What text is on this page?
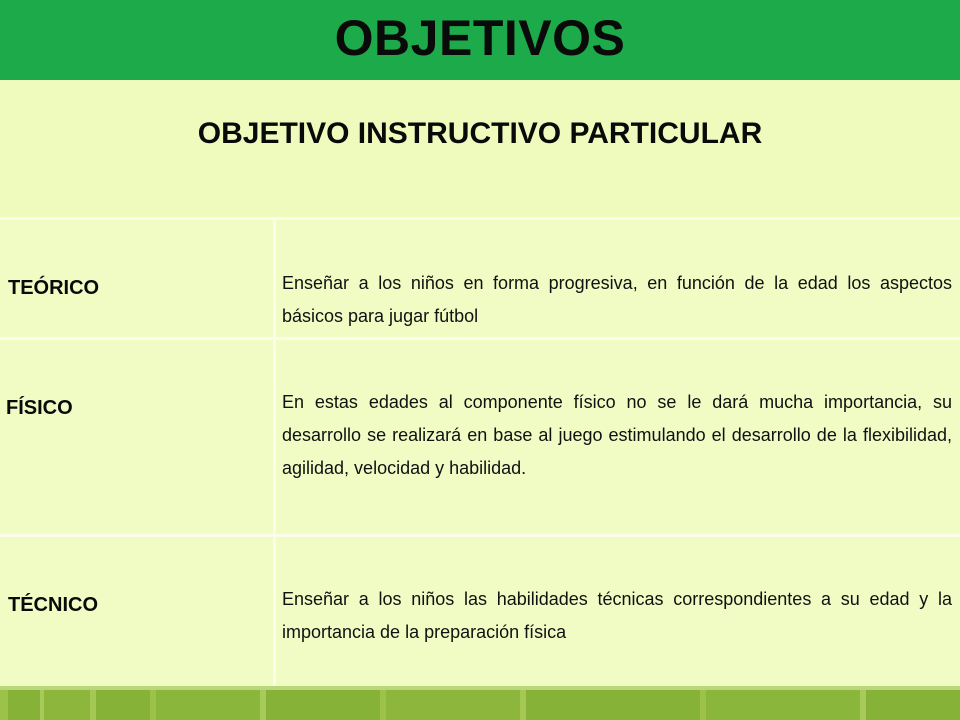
OBJETIVOS
OBJETIVO INSTRUCTIVO PARTICULAR
TEÓRICO	Enseñar a los niños en forma progresiva, en función de la edad los aspectos básicos para jugar fútbol
FÍSICO	En estas edades al componente físico no se le dará mucha importancia, su desarrollo se realizará en base al juego estimulando el desarrollo de la flexibilidad, agilidad, velocidad y habilidad.
TÉCNICO	Enseñar a los niños las habilidades técnicas correspondientes a su edad y la importancia de la preparación física
